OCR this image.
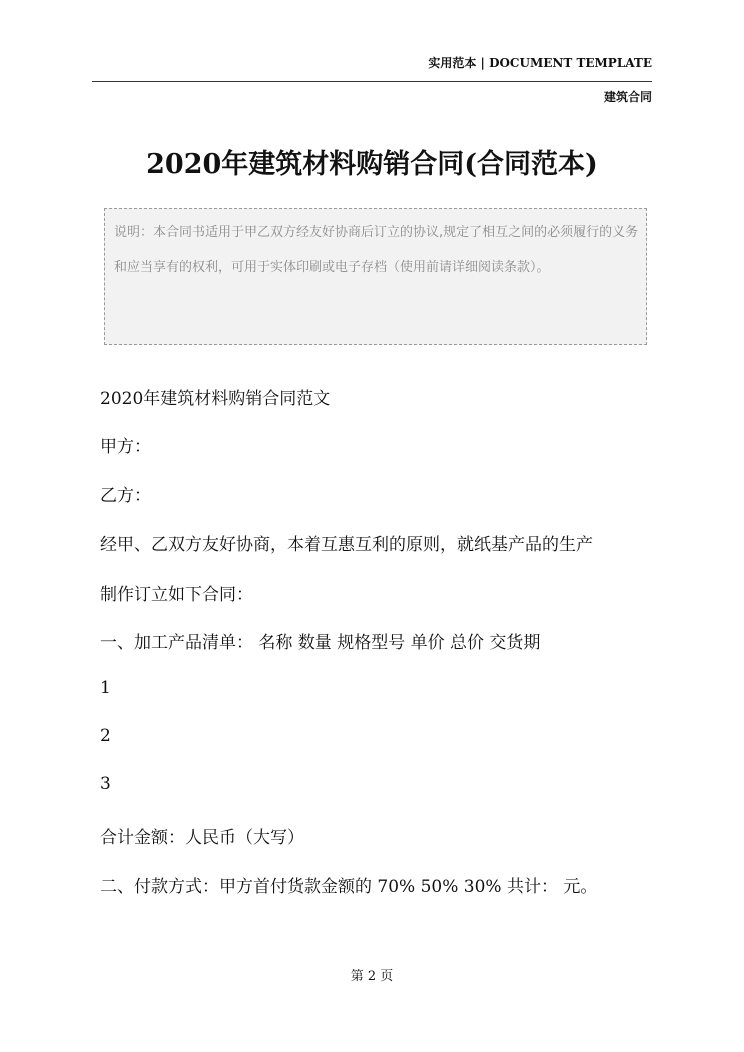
实用范本 | DOCUMENT TEMPLATE
建筑合同
2020年建筑材料购销合同(合同范本)
说明：本合同书适用于甲乙双方经友好协商后订立的协议,规定了相互之间的必须履行的义务和应当享有的权利，可用于实体印刷或电子存档（使用前请详细阅读条款）。
2020年建筑材料购销合同范文
甲方：
乙方：
经甲、乙双方友好协商，本着互惠互利的原则，就纸基产品的生产
制作订立如下合同：
一、加工产品清单： 名称 数量 规格型号 单价 总价 交货期
1
2
3
合计金额：人民币（大写）
二、付款方式：甲方首付货款金额的 70% 50% 30% 共计： 元。
第 2 页
